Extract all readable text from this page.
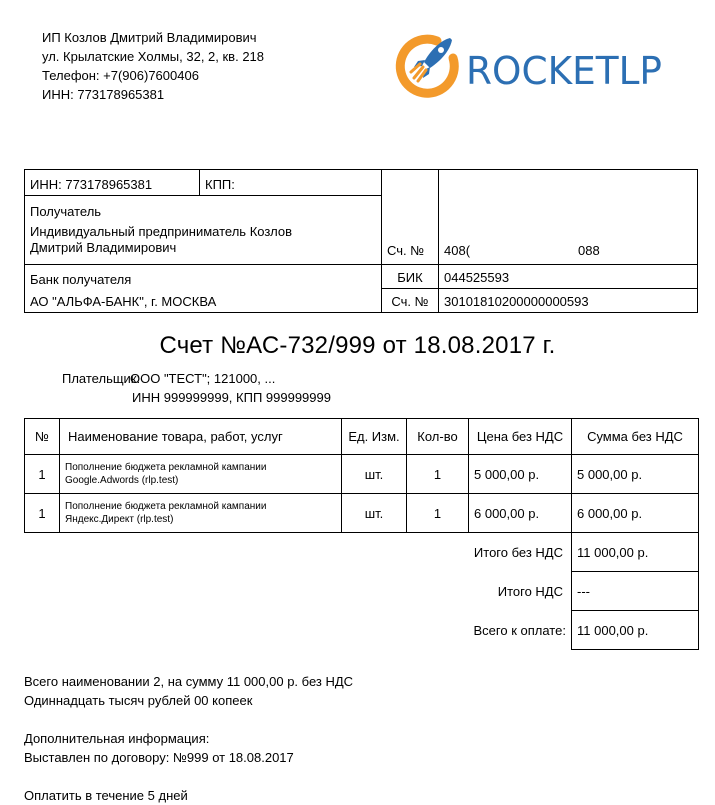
ИП Козлов Дмитрий Владимирович
ул. Крылатские Холмы, 32, 2, кв. 218
Телефон: +7(906)7600406
ИНН: 773178965381
ROCKETLP
ИНН: 773178965381	КПП:	Сч. №	408( 088

Получатель
Индивидуальный предприниматель Козлов Дмитрий Владимирович			

Банк получателя
АО "АЛЬФА-БАНК", г. МОСКВА		БИК	044525593
		Сч. №	30101810200000000593
Счет №АС-732/999 от 18.08.2017 г.
Плательщик:ООО "ТЕСТ"; 121000, ...
ИНН 999999999, КПП 999999999
№	Наименование товара, работ, услуг	Ед. Изм.	Кол-во	Цена без НДС	Сумма без НДС
1	Пополнение бюджета рекламной кампании Google.Adwords (rlp.test)	шт.	1	5 000,00 р.	5 000,00 р.
1	Пополнение бюджета рекламной кампании Яндекс.Директ (rlp.test)	шт.	1	6 000,00 р.	6 000,00 р.
				Итого без НДС	11 000,00 р.
				Итого НДС	---
				Всего к оплате:	11 000,00 р.
Всего наименовании 2, на сумму 11 000,00 р. без НДС
Одиннадцать тысяч рублей 00 копеек
Дополнительная информация:
Выставлен по договору: №999 от 18.08.2017
Оплатить в течение 5 дней
